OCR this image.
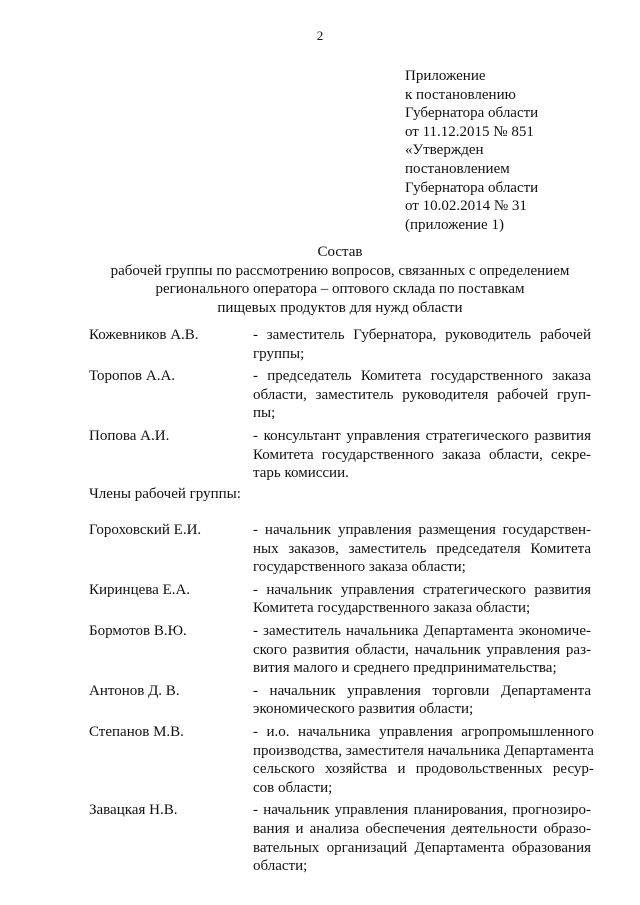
2
Приложение
к постановлению
Губернатора области
от 11.12.2015 № 851
«Утвержден
постановлением
Губернатора области
от 10.02.2014 № 31
(приложение 1)
Состав
рабочей группы по рассмотрению вопросов, связанных с определением
регионального оператора – оптового склада по поставкам
пищевых продуктов для нужд области
Кожевников А.В.	- заместитель Губернатора, руководитель рабочей
группы;
Торопов А.А.	- председатель Комитета государственного заказа
области, заместитель руководителя рабочей груп-
пы;
Попова А.И.	- консультант управления стратегического развития
Комитета государственного заказа области, секре-
тарь комиссии.
Члены рабочей группы:
Гороховский Е.И.	- начальник управления размещения государствен-
ных заказов, заместитель председателя Комитета
государственного заказа области;
Киринцева Е.А.	- начальник управления стратегического развития
Комитета государственного заказа области;
Бормотов В.Ю.	- заместитель начальника Департамента экономиче-
ского развития области, начальник управления раз-
вития малого и среднего предпринимательства;
Антонов Д. В.	- начальник управления торговли Департамента
экономического развития области;
Степанов М.В.	- и.о. начальника управления агропромышленного
производства, заместителя начальника Департамента
сельского хозяйства и продовольственных ресур-
сов области;
Завацкая Н.В.	- начальник управления планирования, прогнозиро-
вания и анализа обеспечения деятельности образо-
вательных организаций Департамента образования
области;
